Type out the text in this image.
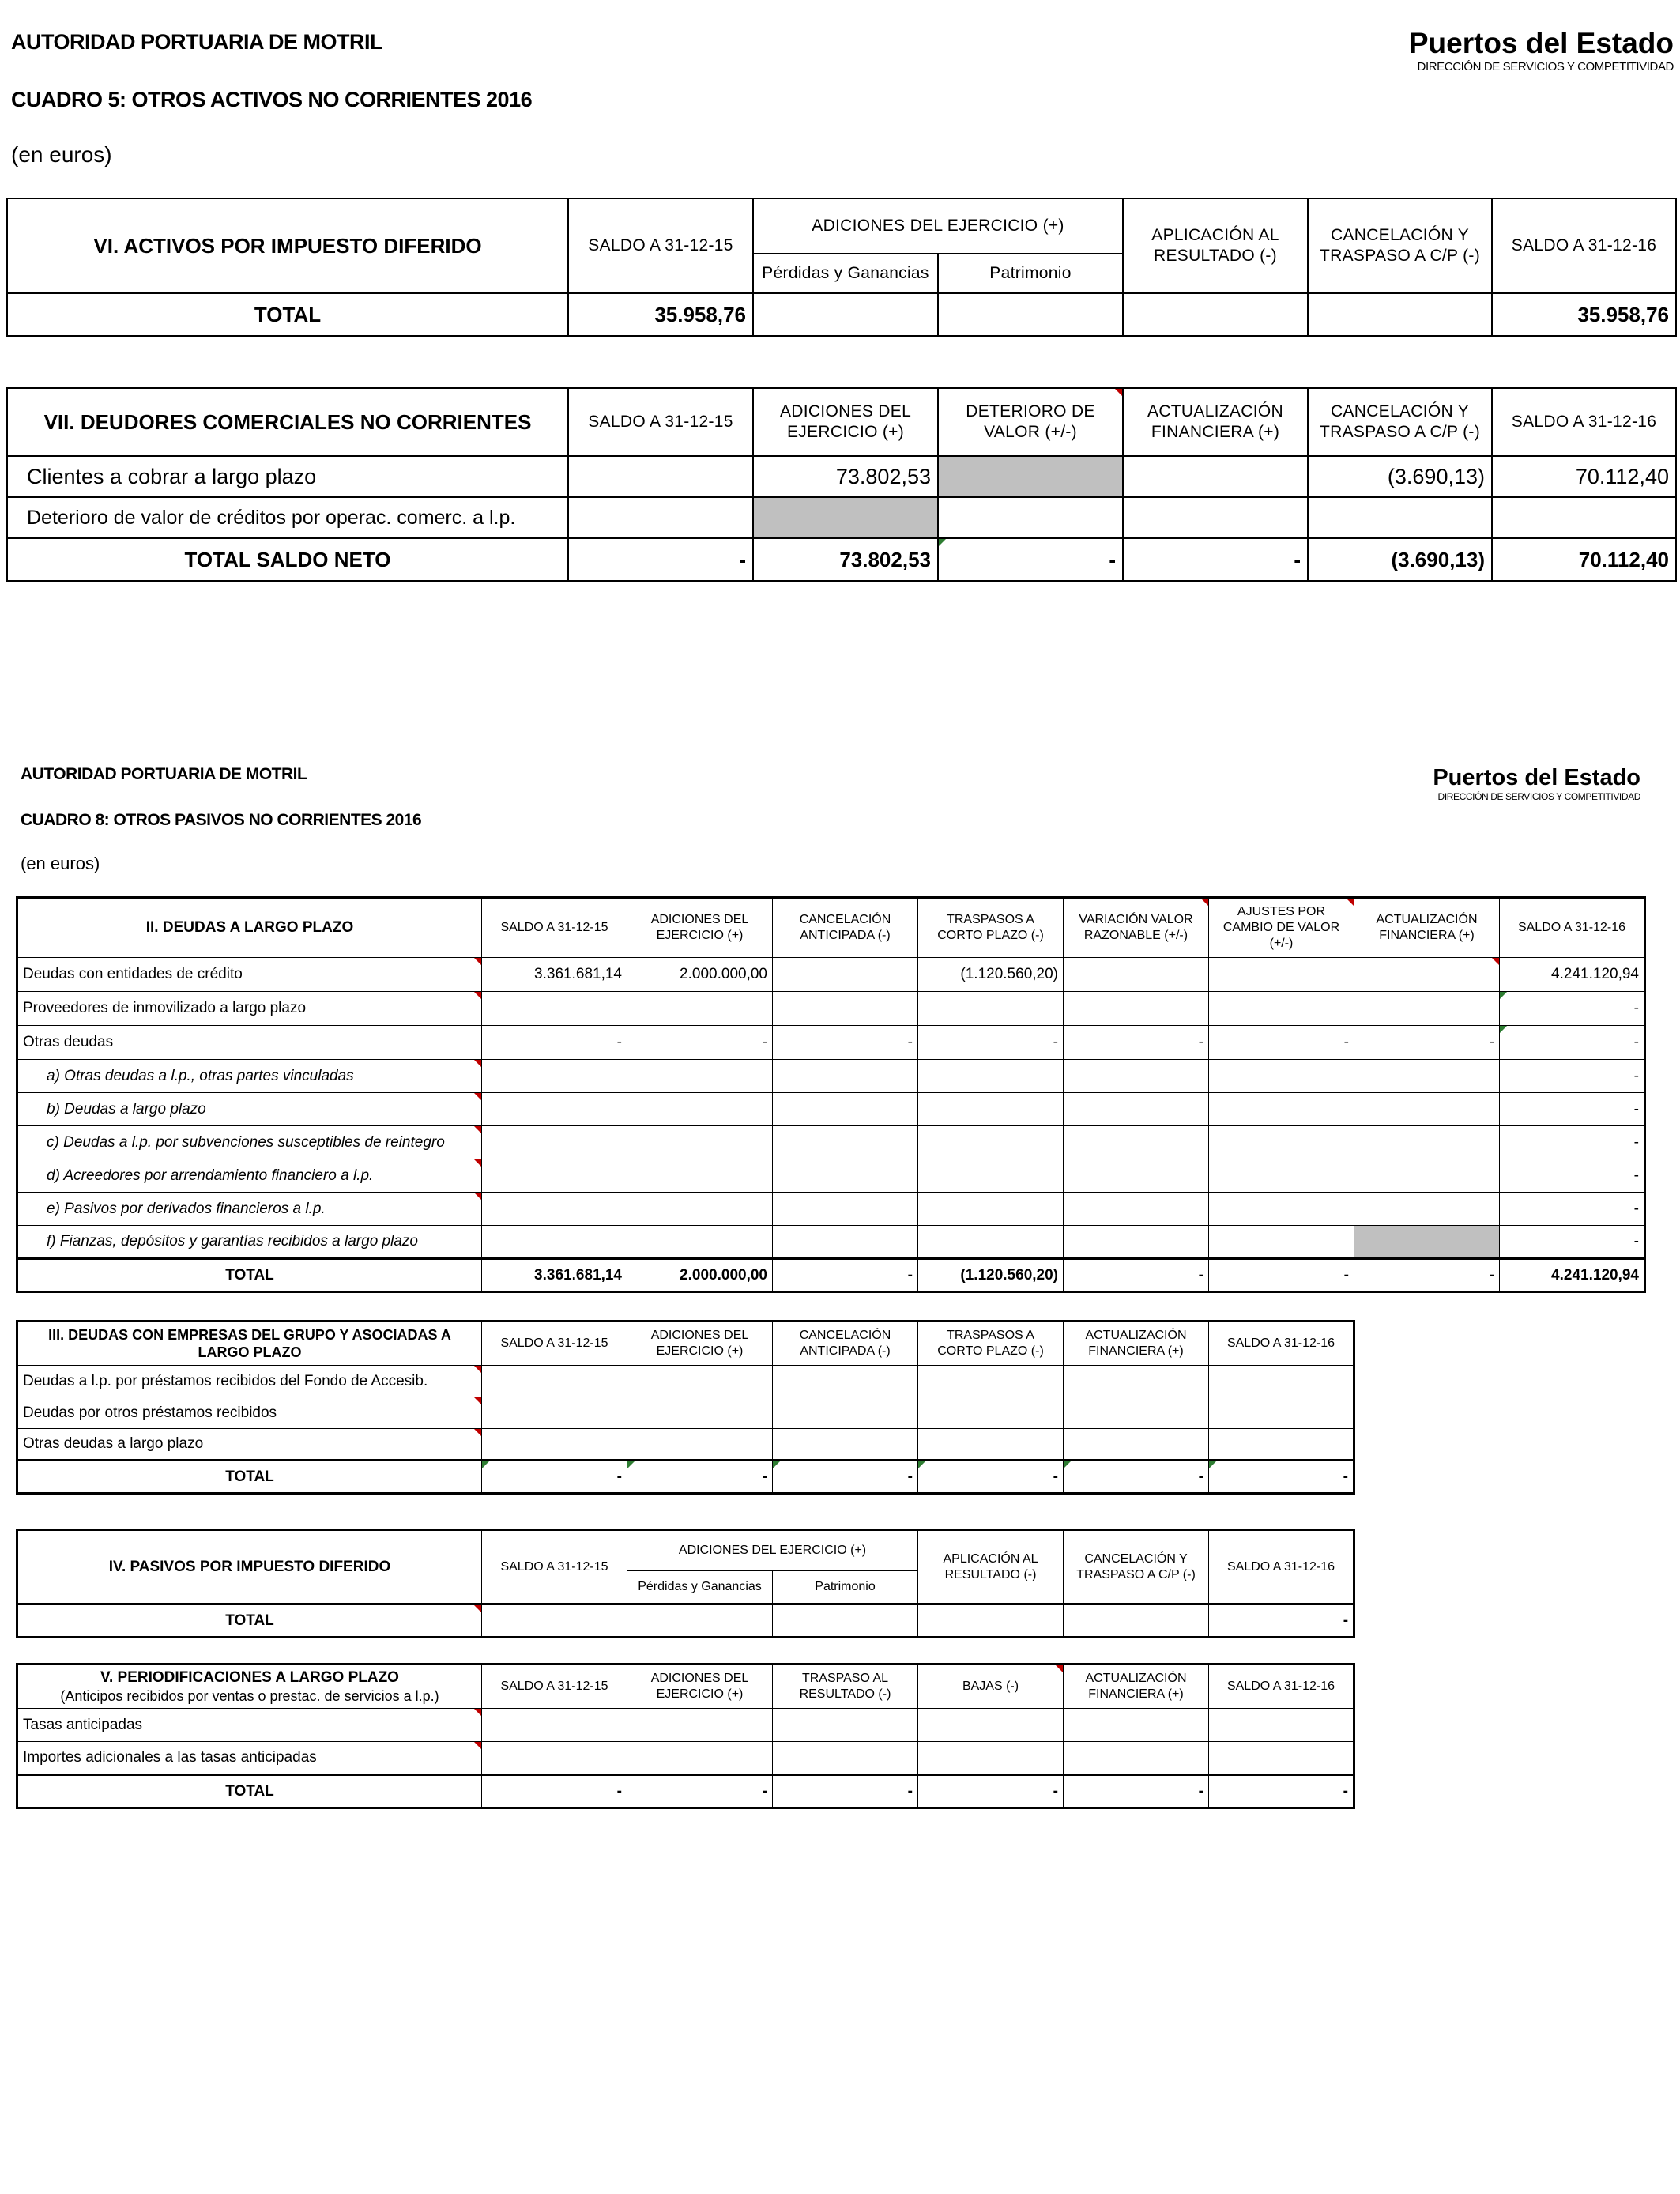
AUTORIDAD PORTUARIA DE MOTRIL
CUADRO 5: OTROS ACTIVOS NO CORRIENTES 2016
(en euros)
Puertos del Estado
DIRECCIÓN DE SERVICIOS Y COMPETITIVIDAD
VI. ACTIVOS POR IMPUESTO DIFERIDO	SALDO A 31-12-15	ADICIONES DEL EJERCICIO (+)		APLICACIÓN AL RESULTADO (-)	CANCELACIÓN Y TRASPASO A C/P (-)	SALDO A 31-12-16
		Pérdidas y Ganancias	Patrimonio			
TOTAL	35.958,76					35.958,76
VII. DEUDORES COMERCIALES NO CORRIENTES	SALDO A 31-12-15	ADICIONES DEL EJERCICIO (+)	DETERIORO DE VALOR (+/-)	ACTUALIZACIÓN FINANCIERA (+)	CANCELACIÓN Y TRASPASO A C/P (-)	SALDO A 31-12-16
Clientes a cobrar a largo plazo		73.802,53			(3.690,13)	70.112,40
Deterioro de valor de créditos por operac. comerc. a l.p.						
TOTAL SALDO NETO	-	73.802,53	-	-	(3.690,13)	70.112,40
AUTORIDAD PORTUARIA DE MOTRIL
CUADRO 8: OTROS PASIVOS NO CORRIENTES 2016
(en euros)
Puertos del Estado
DIRECCIÓN DE SERVICIOS Y COMPETITIVIDAD
II. DEUDAS A LARGO PLAZO	SALDO A 31-12-15	ADICIONES DEL EJERCICIO (+)	CANCELACIÓN ANTICIPADA (-)	TRASPASOS A CORTO PLAZO (-)	VARIACIÓN VALOR RAZONABLE (+/-)	AJUSTES POR CAMBIO DE VALOR (+/-)	ACTUALIZACIÓN FINANCIERA (+)	SALDO A 31-12-16
Deudas con entidades de crédito	3.361.681,14	2.000.000,00		(1.120.560,20)				4.241.120,94
Proveedores de inmovilizado a largo plazo								-
Otras deudas	-	-	-	-	-	-	-	-
a) Otras deudas a l.p., otras partes vinculadas								-
b) Deudas a largo plazo								-
c) Deudas a l.p. por subvenciones susceptibles de reintegro								-
d) Acreedores por arrendamiento financiero a l.p.								-
e) Pasivos por derivados financieros a l.p.								-
f) Fianzas, depósitos y garantías recibidos a largo plazo								-
TOTAL	3.361.681,14	2.000.000,00	-	(1.120.560,20)	-	-	-	4.241.120,94
III. DEUDAS CON EMPRESAS DEL GRUPO Y ASOCIADAS A LARGO PLAZO	SALDO A 31-12-15	ADICIONES DEL EJERCICIO (+)	CANCELACIÓN ANTICIPADA (-)	TRASPASOS A CORTO PLAZO (-)	ACTUALIZACIÓN FINANCIERA (+)	SALDO A 31-12-16
Deudas a l.p. por préstamos recibidos del Fondo de Accesib.						
Deudas por otros préstamos recibidos						
Otras deudas a largo plazo						
TOTAL	-	-	-	-	-	-
IV. PASIVOS POR IMPUESTO DIFERIDO	SALDO A 31-12-15	ADICIONES DEL EJERCICIO (+)		APLICACIÓN AL RESULTADO (-)	CANCELACIÓN Y TRASPASO A C/P (-)	SALDO A 31-12-16
		Pérdidas y Ganancias	Patrimonio			
TOTAL						-
V. PERIODIFICACIONES A LARGO PLAZO
(Anticipos recibidos por ventas o prestac. de servicios a l.p.)	SALDO A 31-12-15	ADICIONES DEL EJERCICIO (+)	TRASPASO AL RESULTADO (-)	BAJAS (-)	ACTUALIZACIÓN FINANCIERA (+)	SALDO A 31-12-16
Tasas anticipadas						
Importes adicionales a las tasas anticipadas						
TOTAL	-	-	-	-	-	-
